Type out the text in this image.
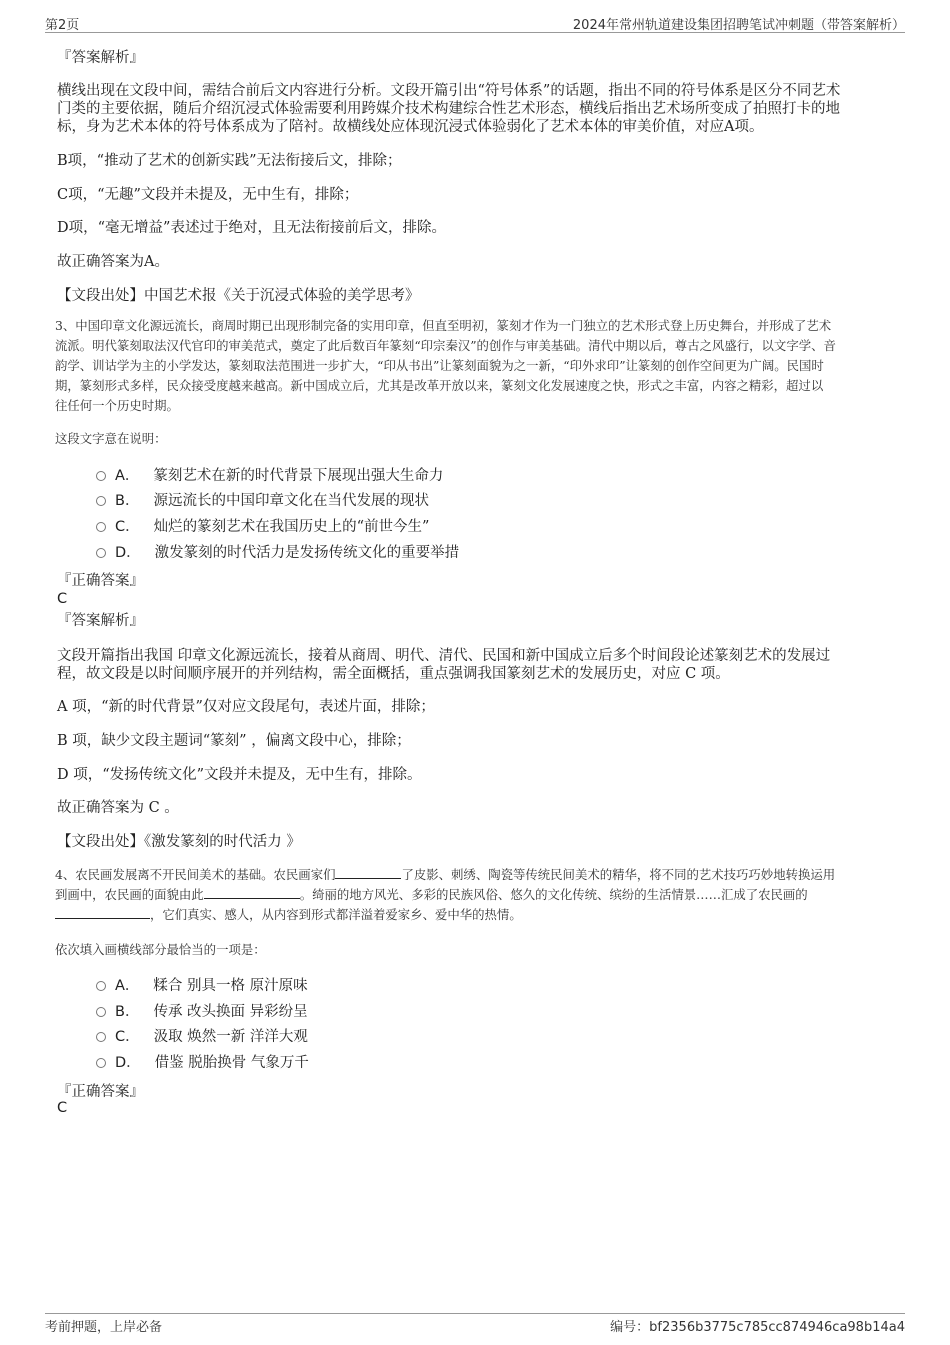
第2页	2024年常州轨道建设集团招聘笔试冲刺题（带答案解析）
『答案解析』
横线出现在文段中间，需结合前后文内容进行分析。文段开篇引出“符号体系”的话题，指出不同的符号体系是区分不同艺术
门类的主要依据，随后介绍沉浸式体验需要利用跨媒介技术构建综合性艺术形态，横线后指出艺术场所变成了拍照打卡的地
标，身为艺术本体的符号体系成为了陪衬。故横线处应体现沉浸式体验弱化了艺术本体的审美价值，对应A项。
B项，“推动了艺术的创新实践”无法衔接后文，排除；
C项，“无趣”文段并未提及，无中生有，排除；
D项，“毫无增益”表述过于绝对，且无法衔接前后文，排除。
故正确答案为A。
【文段出处】中国艺术报《关于沉浸式体验的美学思考》
3、中国印章文化源远流长，商周时期已出现形制完备的实用印章，但直至明初，篆刻才作为一门独立的艺术形式登上历史舞台，并形成了艺术
流派。明代篆刻取法汉代官印的审美范式，奠定了此后数百年篆刻“印宗秦汉”的创作与审美基础。清代中期以后，尊古之风盛行，以文字学、音
韵学、训诂学为主的小学发达，篆刻取法范围进一步扩大，“印从书出”让篆刻面貌为之一新，“印外求印”让篆刻的创作空间更为广阔。民国时
期，篆刻形式多样，民众接受度越来越高。新中国成立后，尤其是改革开放以来，篆刻文化发展速度之快，形式之丰富，内容之精彩，超过以
往任何一个历史时期。
这段文字意在说明：
A． 篆刻艺术在新的时代背景下展现出强大生命力
B． 源远流长的中国印章文化在当代发展的现状
C． 灿烂的篆刻艺术在我国历史上的“前世今生”
D． 激发篆刻的时代活力是发扬传统文化的重要举措
『正确答案』
C
『答案解析』
文段开篇指出我国 印章文化源远流长，接着从商周、明代、清代、民国和新中国成立后多个时间段论述篆刻艺术的发展过
程，故文段是以时间顺序展开的并列结构，需全面概括，重点强调我国篆刻艺术的发展历史，对应 C 项。
A 项，“新的时代背景”仅对应文段尾句，表述片面，排除；
B 项，缺少文段主题词“篆刻” ，偏离文段中心，排除；
D 项，“发扬传统文化”文段并未提及，无中生有，排除。
故正确答案为 C 。
【文段出处】《激发篆刻的时代活力 》
4、农民画发展离不开民间美术的基础。农民画家们	了皮影、刺绣、陶瓷等传统民间美术的精华，将不同的艺术技巧巧妙地转换运用
到画中，农民画的面貌由此	。绮丽的地方风光、多彩的民族风俗、悠久的文化传统、缤纷的生活情景……汇成了农民画的
，它们真实、感人，从内容到形式都洋溢着爱家乡、爱中华的热情。
依次填入画横线部分最恰当的一项是：
A． 糅合 别具一格 原汁原味
B． 传承 改头换面 异彩纷呈
C． 汲取 焕然一新 洋洋大观
D． 借鉴 脱胎换骨 气象万千
『正确答案』
C
考前押题，上岸必备	编号：bf2356b3775c785cc874946ca98b14a4
